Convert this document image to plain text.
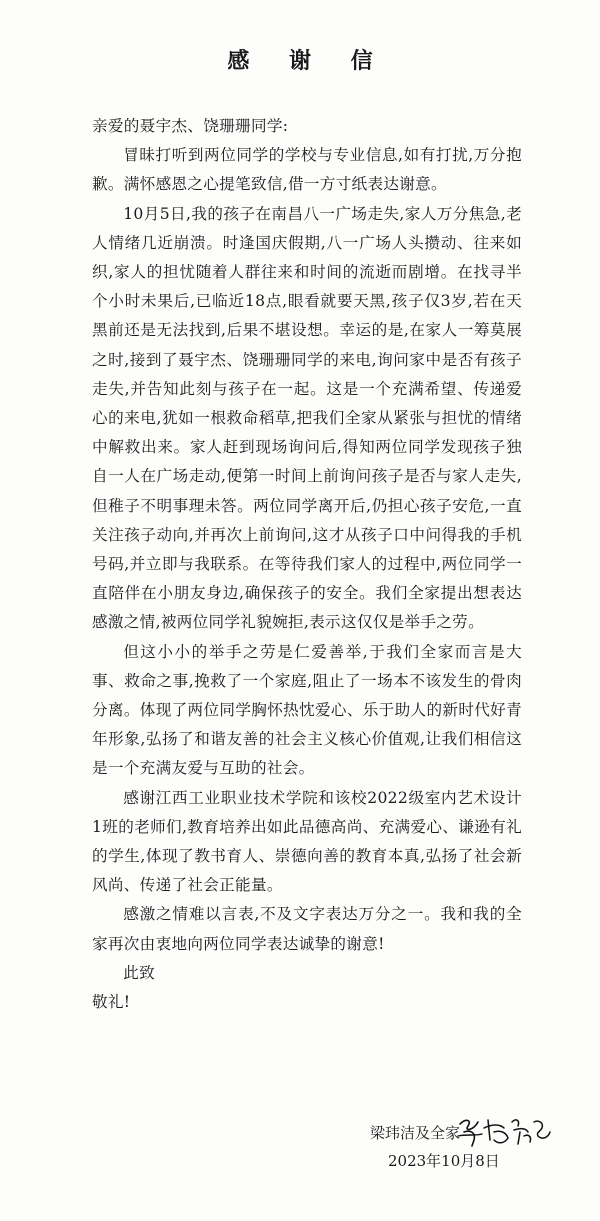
感 谢 信

亲爱的聂宇杰、饶珊珊同学:

冒昧打听到两位同学的学校与专业信息,如有打扰,万分抱歉。满怀感恩之心提笔致信,借一方寸纸表达谢意。

10月5日,我的孩子在南昌八一广场走失,家人万分焦急,老人情绪几近崩溃。时逢国庆假期,八一广场人头攒动、往来如织,家人的担忧随着人群往来和时间的流逝而剧增。在找寻半个小时未果后,已临近18点,眼看就要天黑,孩子仅3岁,若在天黑前还是无法找到,后果不堪设想。幸运的是,在家人一筹莫展之时,接到了聂宇杰、饶珊珊同学的来电,询问家中是否有孩子走失,并告知此刻与孩子在一起。这是一个充满希望、传递爱心的来电,犹如一根救命稻草,把我们全家从紧张与担忧的情绪中解救出来。家人赶到现场询问后,得知两位同学发现孩子独自一人在广场走动,便第一时间上前询问孩子是否与家人走失,但稚子不明事理未答。两位同学离开后,仍担心孩子安危,一直关注孩子动向,并再次上前询问,这才从孩子口中问得我的手机号码,并立即与我联系。在等待我们家人的过程中,两位同学一直陪伴在小朋友身边,确保孩子的安全。我们全家提出想表达感激之情,被两位同学礼貌婉拒,表示这仅仅是举手之劳。

但这小小的举手之劳是仁爱善举,于我们全家而言是大事、救命之事,挽救了一个家庭,阻止了一场本不该发生的骨肉分离。体现了两位同学胸怀热忱爱心、乐于助人的新时代好青年形象,弘扬了和谐友善的社会主义核心价值观,让我们相信这是一个充满友爱与互助的社会。

感谢江西工业职业技术学院和该校2022级室内艺术设计1班的老师们,教育培养出如此品德高尚、充满爱心、谦逊有礼的学生,体现了教书育人、崇德向善的教育本真,弘扬了社会新风尚、传递了社会正能量。

感激之情难以言表,不及文字表达万分之一。我和我的全家再次由衷地向两位同学表达诚挚的谢意!

此致

敬礼!

梁玮洁及全家
2023年10月8日
